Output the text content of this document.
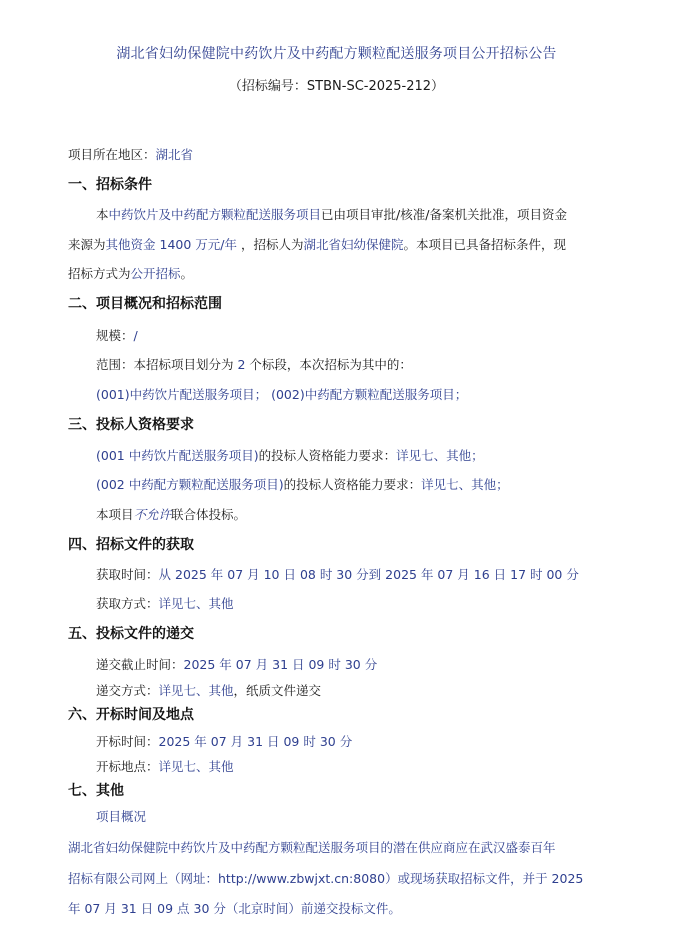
湖北省妇幼保健院中药饮片及中药配方颗粒配送服务项目公开招标公告
（招标编号：STBN-SC-2025-212）
项目所在地区：湖北省
一、招标条件
本中药饮片及中药配方颗粒配送服务项目已由项目审批/核准/备案机关批准，项目资金
来源为其他资金 1400 万元/年 ，招标人为湖北省妇幼保健院。本项目已具备招标条件，现
招标方式为公开招标。
二、项目概况和招标范围
规模：/
范围：本招标项目划分为 2 个标段，本次招标为其中的：
(001)中药饮片配送服务项目； (002)中药配方颗粒配送服务项目；
三、投标人资格要求
(001 中药饮片配送服务项目)的投标人资格能力要求：详见七、其他；
(002 中药配方颗粒配送服务项目)的投标人资格能力要求：详见七、其他；
本项目不允许联合体投标。
四、招标文件的获取
获取时间：从 2025 年 07 月 10 日 08 时 30 分到 2025 年 07 月 16 日 17 时 00 分
获取方式：详见七、其他
五、投标文件的递交
递交截止时间：2025 年 07 月 31 日 09 时 30 分
递交方式：详见七、其他，纸质文件递交
六、开标时间及地点
开标时间：2025 年 07 月 31 日 09 时 30 分
开标地点：详见七、其他
七、其他
项目概况
湖北省妇幼保健院中药饮片及中药配方颗粒配送服务项目的潜在供应商应在武汉盛泰百年
招标有限公司网上（网址：http://www.zbwjxt.cn:8080）或现场获取招标文件，并于 2025
年 07 月 31 日 09 点 30 分（北京时间）前递交投标文件。
